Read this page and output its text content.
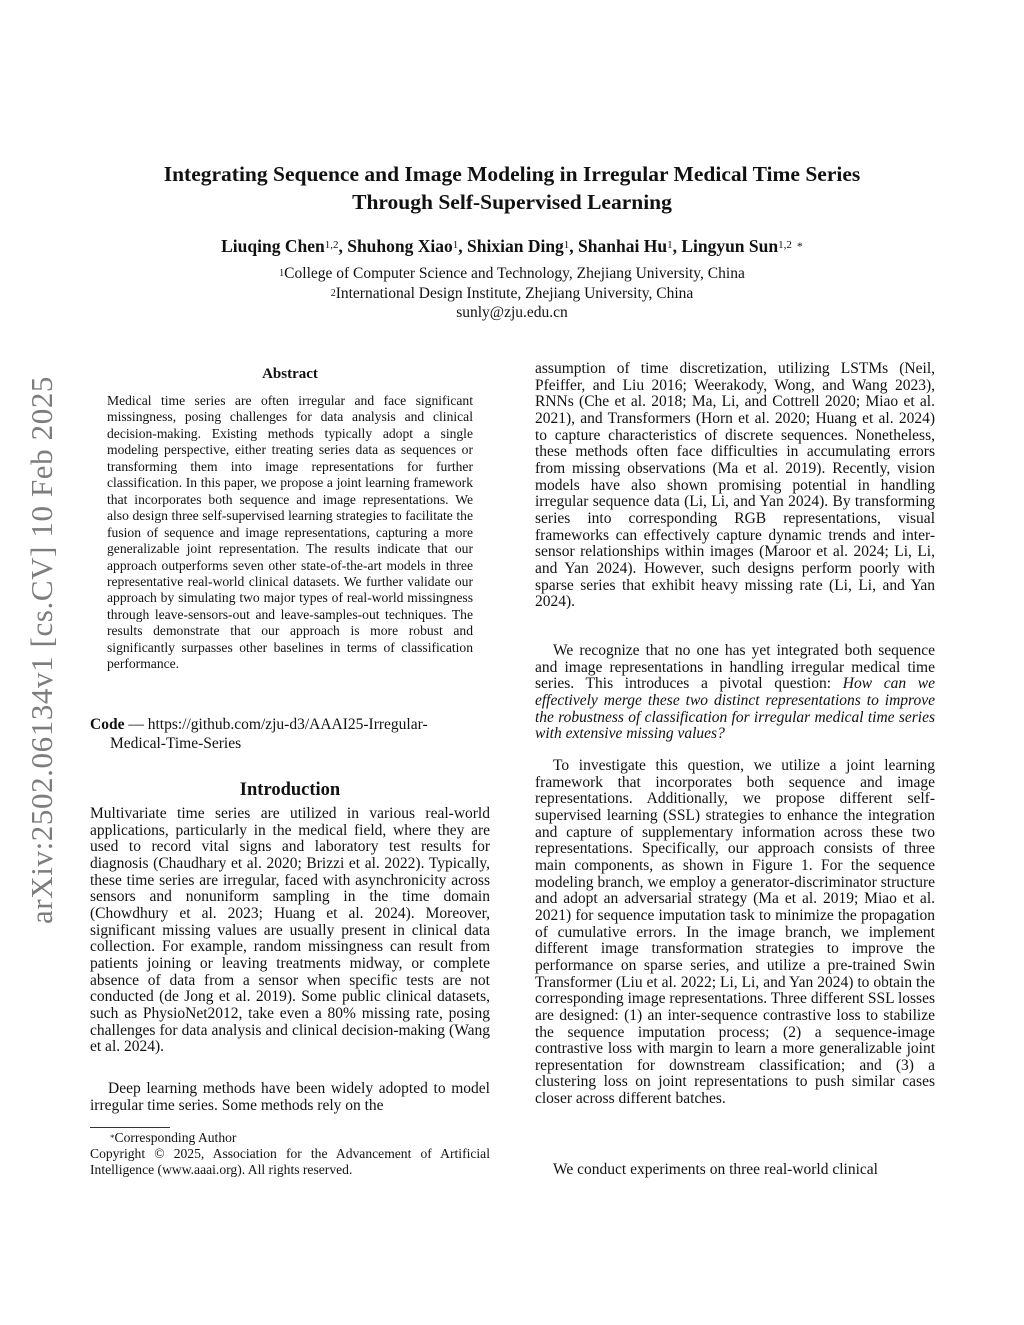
arXiv:2502.06134v1 [cs.CV] 10 Feb 2025
Integrating Sequence and Image Modeling in Irregular Medical Time Series
Through Self-Supervised Learning
Liuqing Chen$^{1,2}$, Shuhong Xiao$^1$, Shixian Ding$^1$, Shanhai Hu$^1$, Lingyun Sun$^{1,2}$ *
$^1$College of Computer Science and Technology, Zhejiang University, China
$^2$International Design Institute, Zhejiang University, China
sunly@zju.edu.cn
Abstract
Medical time series are often irregular and face significant missingness, posing challenges for data analysis and clinical decision-making. Existing methods typically adopt a single modeling perspective, either treating series data as sequences or transforming them into image representations for further classification. In this paper, we propose a joint learning framework that incorporates both sequence and image representations. We also design three self-supervised learning strategies to facilitate the fusion of sequence and image representations, capturing a more generalizable joint representation. The results indicate that our approach outperforms seven other state-of-the-art models in three representative real-world clinical datasets. We further validate our approach by simulating two major types of real-world missingness through leave-sensors-out and leave-samples-out techniques. The results demonstrate that our approach is more robust and significantly surpasses other baselines in terms of classification performance.
Code — https://github.com/zju-d3/AAAI25-Irregular-
Medical-Time-Series
Introduction
Multivariate time series are utilized in various real-world applications, particularly in the medical field, where they are used to record vital signs and laboratory test results for diagnosis (Chaudhary et al. 2020; Brizzi et al. 2022). Typically, these time series are irregular, faced with asynchronicity across sensors and nonuniform sampling in the time domain (Chowdhury et al. 2023; Huang et al. 2024). Moreover, significant missing values are usually present in clinical data collection. For example, random missingness can result from patients joining or leaving treatments midway, or complete absence of data from a sensor when specific tests are not conducted (de Jong et al. 2019). Some public clinical datasets, such as PhysioNet2012, take even a 80% missing rate, posing challenges for data analysis and clinical decision-making (Wang et al. 2024).
Deep learning methods have been widely adopted to model irregular time series. Some methods rely on the
*Corresponding Author
Copyright © 2025, Association for the Advancement of Artificial Intelligence (www.aaai.org). All rights reserved.
assumption of time discretization, utilizing LSTMs (Neil, Pfeiffer, and Liu 2016; Weerakody, Wong, and Wang 2023), RNNs (Che et al. 2018; Ma, Li, and Cottrell 2020; Miao et al. 2021), and Transformers (Horn et al. 2020; Huang et al. 2024) to capture characteristics of discrete sequences. Nonetheless, these methods often face difficulties in accumulating errors from missing observations (Ma et al. 2019). Recently, vision models have also shown promising potential in handling irregular sequence data (Li, Li, and Yan 2024). By transforming series into corresponding RGB representations, visual frameworks can effectively capture dynamic trends and inter-sensor relationships within images (Maroor et al. 2024; Li, Li, and Yan 2024). However, such designs perform poorly with sparse series that exhibit heavy missing rate (Li, Li, and Yan 2024).
We recognize that no one has yet integrated both sequence and image representations in handling irregular medical time series. This introduces a pivotal question: How can we effectively merge these two distinct representations to improve the robustness of classification for irregular medical time series with extensive missing values?
To investigate this question, we utilize a joint learning framework that incorporates both sequence and image representations. Additionally, we propose different self-supervised learning (SSL) strategies to enhance the integration and capture of supplementary information across these two representations. Specifically, our approach consists of three main components, as shown in Figure 1. For the sequence modeling branch, we employ a generator-discriminator structure and adopt an adversarial strategy (Ma et al. 2019; Miao et al. 2021) for sequence imputation task to minimize the propagation of cumulative errors. In the image branch, we implement different image transformation strategies to improve the performance on sparse series, and utilize a pre-trained Swin Transformer (Liu et al. 2022; Li, Li, and Yan 2024) to obtain the corresponding image representations. Three different SSL losses are designed: (1) an inter-sequence contrastive loss to stabilize the sequence imputation process; (2) a sequence-image contrastive loss with margin to learn a more generalizable joint representation for downstream classification; and (3) a clustering loss on joint representations to push similar cases closer across different batches.
We conduct experiments on three real-world clinical
